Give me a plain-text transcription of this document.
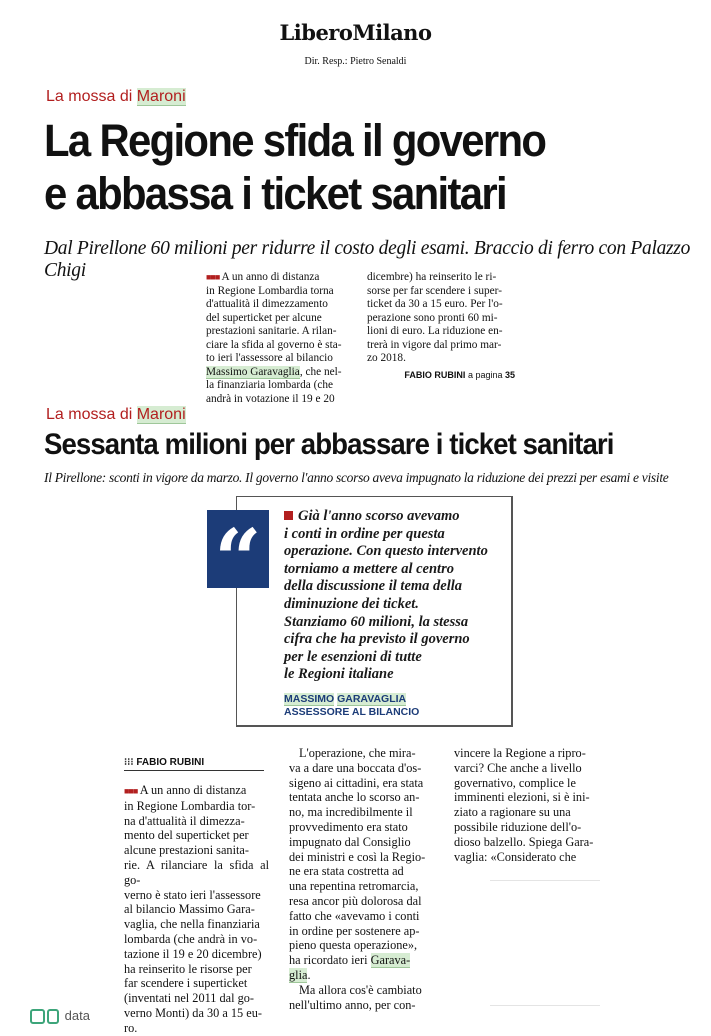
LiberoMilano
Dir. Resp.: Pietro Senaldi
La mossa di Maroni
La Regione sfida il governo
e abbassa i ticket sanitari
Dal Pirellone 60 milioni per ridurre il costo degli esami. Braccio di ferro con Palazzo Chigi	■■■ A un anno di distanza
in Regione Lombardia torna
d'attualità il dimezzamento
del superticket per alcune
prestazioni sanitarie. A rilan-
ciare la sfida al governo è sta-
to ieri l'assessore al bilancio
Massimo Garavaglia, che nel-
la finanziaria lombarda (che
andrà in votazione il 19 e 20
dicembre) ha reinserito le ri-
sorse per far scendere i super-
ticket da 30 a 15 euro. Per l'o-
perazione sono pronti 60 mi-
lioni di euro. La riduzione en-
trerà in vigore dal primo mar-
zo 2018.
FABIO RUBINI a pagina 35
La mossa di Maroni
Sessanta milioni per abbassare i ticket sanitari
Il Pirellone: sconti in vigore da marzo. Il governo l'anno scorso aveva impugnato la riduzione dei prezzi per esami e visite
“	Già l'anno scorso avevamo
i conti in ordine per questa
operazione. Con questo intervento
torniamo a mettere al centro
della discussione il tema della
diminuzione dei ticket.
Stanziamo 60 milioni, la stessa
cifra che ha previsto il governo
per le esenzioni di tutte
le Regioni italiane
MASSIMO GARAVAGLIA
ASSESSORE AL BILANCIO
⁝⁝⁝ FABIO RUBINI
■■■ A un anno di distanza
in Regione Lombardia tor-
na d'attualità il dimezza-
mento del superticket per
alcune prestazioni sanita-
rie. A rilanciare la sfida al go-
verno è stato ieri l'assessore
al bilancio Massimo Gara-
vaglia, che nella finanziaria
lombarda (che andrà in vo-
tazione il 19 e 20 dicembre)
ha reinserito le risorse per
far scendere i superticket
(inventati nel 2011 dal go-
verno Monti) da 30 a 15 eu-
ro.
L'operazione, che mira-
va a dare una boccata d'os-
sigeno ai cittadini, era stata
tentata anche lo scorso an-
no, ma incredibilmente il
provvedimento era stato
impugnato dal Consiglio
dei ministri e così la Regio-
ne era stata costretta ad
una repentina retromarcia,
resa ancor più dolorosa dal
fatto che «avevamo i conti
in ordine per sostenere ap-
pieno questa operazione»,
ha ricordato ieri Garava-
glia.
Ma allora cos'è cambiato
nell'ultimo anno, per con-
vincere la Regione a ripro-
varci? Che anche a livello
governativo, complice le
imminenti elezioni, si è ini-
ziato a ragionare su una
possibile riduzione dell'o-
dioso balzello. Spiega Gara-
vaglia: «Considerato che
data
